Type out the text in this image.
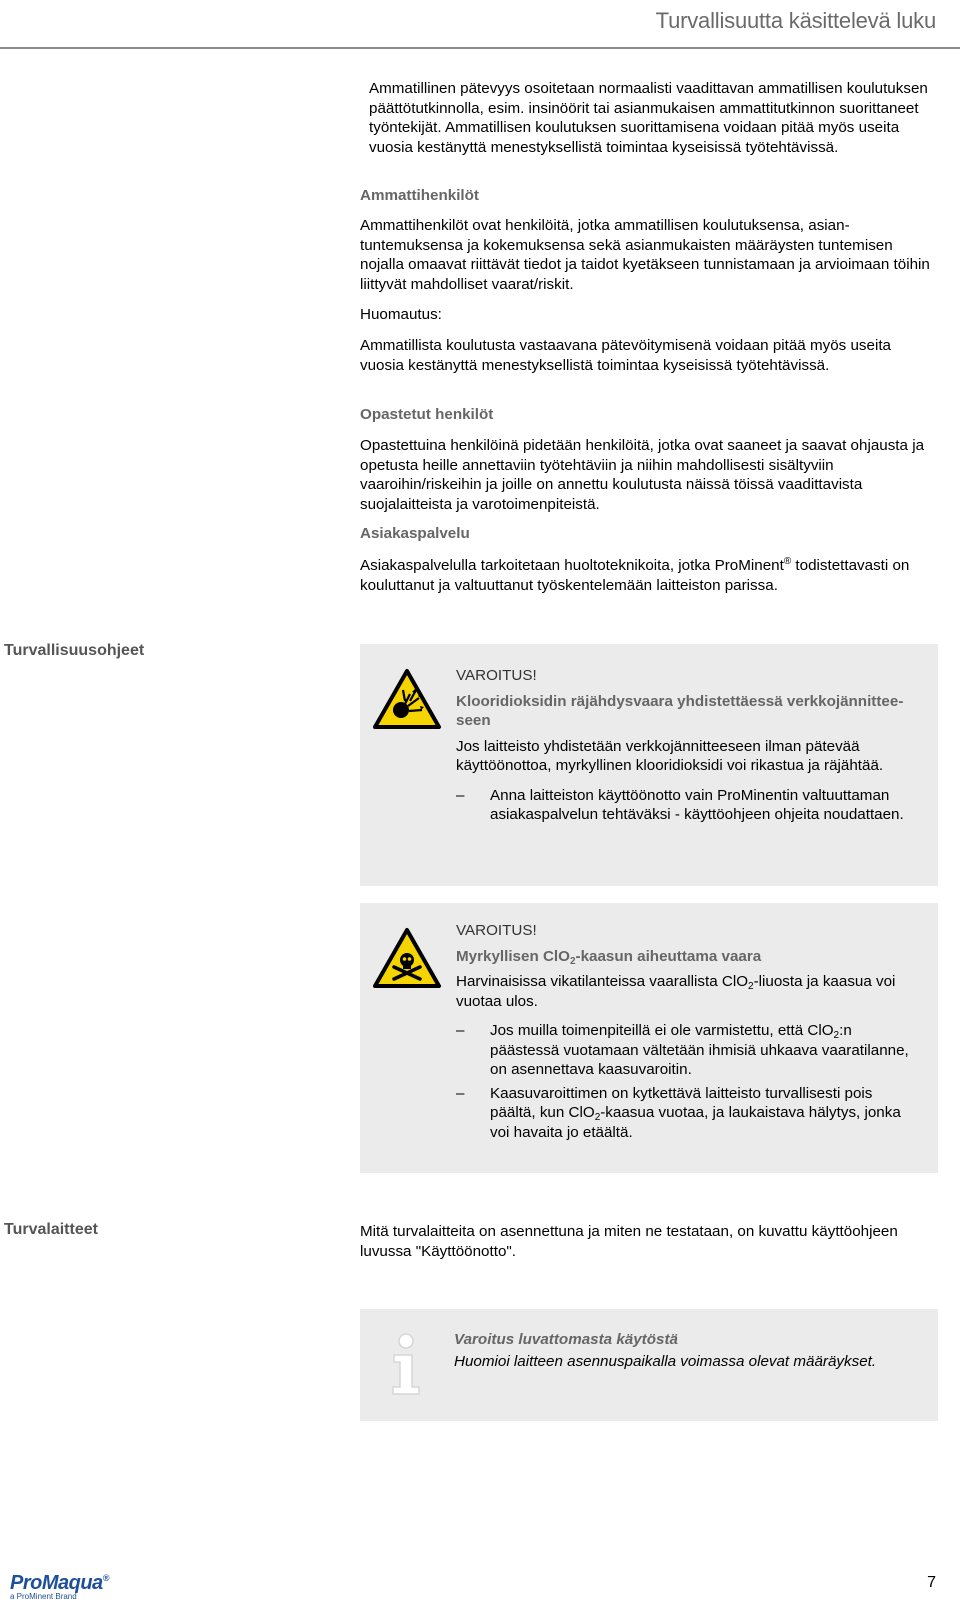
Turvallisuutta käsittelevä luku

Ammatillinen pätevyys osoitetaan normaalisti vaadittavan ammatillisen koulutuksen päättötutkinnolla, esim. insinöörit tai asianmukaisen ammattitutkinnon suorittaneet työntekijät. Ammatillisen koulutuksen suorittamisena voidaan pitää myös useita vuosia kestänyttä menestyksellistä toimintaa kyseisissä työtehtävissä.

Ammattihenkilöt

Ammattihenkilöt ovat henkilöitä, jotka ammatillisen koulutuksensa, asiantuntemuksensa ja kokemuksensa sekä asianmukaisten määräysten tuntemisen nojalla omaavat riittävät tiedot ja taidot kyetäkseen tunnistamaan ja arvioimaan töihin liittyvät mahdolliset vaarat/riskit.

Huomautus:

Ammatillista koulutusta vastaavana pätevöitymisenä voidaan pitää myös useita vuosia kestänyttä menestyksellistä toimintaa kyseisissä työtehtävissä.

Opastetut henkilöt

Opastettuina henkilöinä pidetään henkilöitä, jotka ovat saaneet ja saavat ohjausta ja opetusta heille annettaviin työtehtäviin ja niihin mahdollisesti sisältyviin vaaroihin/riskeihin ja joille on annettu koulutusta näissä töissä vaadittavista suojalaitteista ja varotoimenpiteistä.

Asiakaspalvelu

Asiakaspalvelulla tarkoitetaan huoltoteknikoita, jotka ProMinent® todistettavasti on kouluttanut ja valtuuttanut työskentelemään laitteiston parissa.

Turvallisuusohjeet
VAROITUS!
Klooridioksidin räjähdysvaara yhdistettäessä verkkojännitteeseen
Jos laitteisto yhdistetään verkkojännitteeseen ilman pätevää käyttöönottoa, myrkyllinen klooridioksidi voi rikastua ja räjähtää.
– Anna laitteiston käyttöönotto vain ProMinentin valtuuttaman asiakaspalvelun tehtäväksi - käyttöohjeen ohjeita noudattaen.
VAROITUS!
Myrkyllisen ClO$_2$-kaasun aiheuttama vaara
Harvinaisissa vikatilanteissa vaarallista ClO$_2$-liuosta ja kaasua voi vuotaa ulos.
– Jos muilla toimenpiteillä ei ole varmistettu, että ClO$_2$:n päästessä vuotamaan vältetään ihmisiä uhkaava vaaratilanne, on asennettava kaasuvaroitin.
– Kaasuvaroittimen on kytkettävä laitteisto turvallisesti pois päältä, kun ClO$_2$-kaasua vuotaa, ja laukaistava hälytys, jonka voi havaita jo etäältä.
Turvalaitteet	Mitä turvalaitteita on asennettuna ja miten ne testataan, on kuvattu käyttöohjeen luvussa "Käyttöönotto".

Varoitus luvattomasta käytöstä
Huomioi laitteen asennuspaikalla voimassa olevat määräykset.
ProMaqua®
a ProMinent Brand
7
